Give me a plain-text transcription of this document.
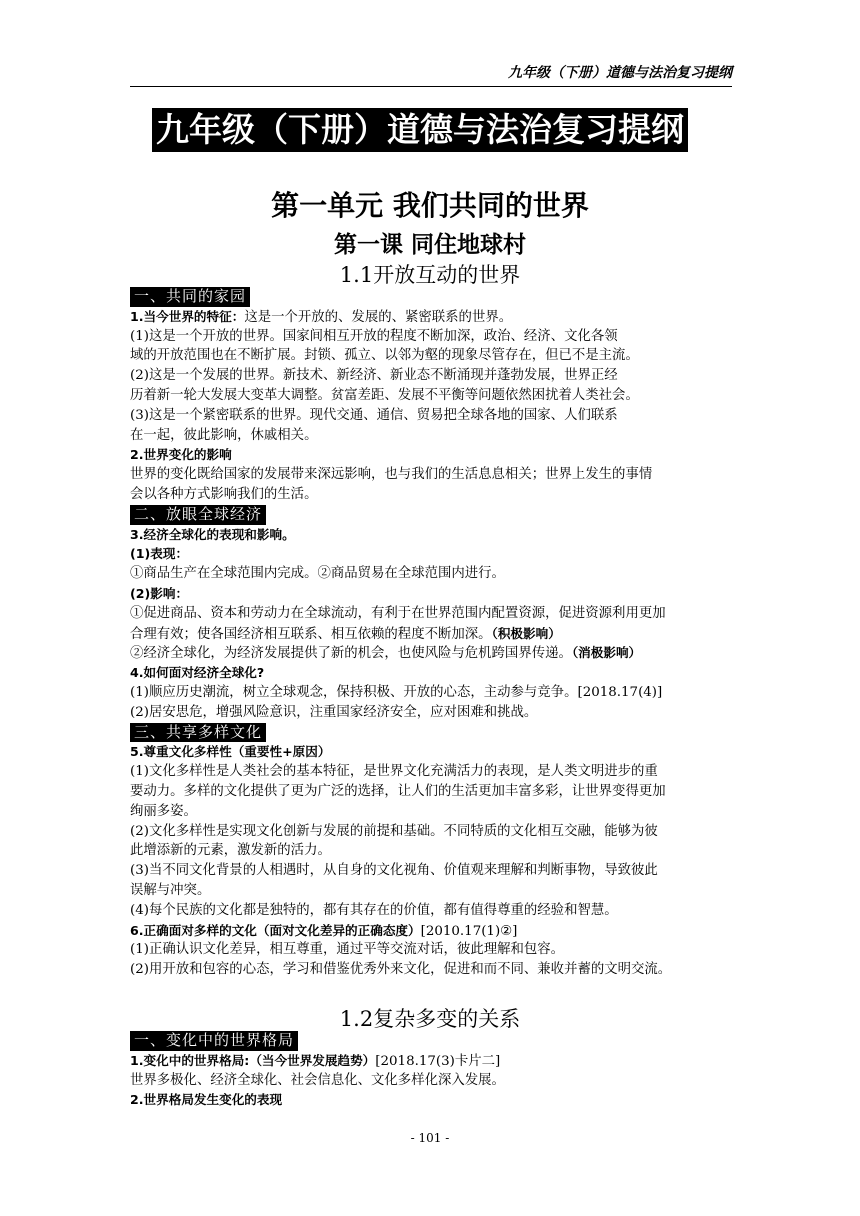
九年级（下册）道德与法治复习提纲
九年级（下册）道德与法治复习提纲
第一单元 我们共同的世界
第一课 同住地球村
1.1开放互动的世界
一、共同的家园
1.当今世界的特征：这是一个开放的、发展的、紧密联系的世界。
(1)这是一个开放的世界。国家间相互开放的程度不断加深，政治、经济、文化各领
域的开放范围也在不断扩展。封锁、孤立、以邻为壑的现象尽管存在，但已不是主流。
(2)这是一个发展的世界。新技术、新经济、新业态不断涌现并蓬勃发展，世界正经
历着新一轮大发展大变革大调整。贫富差距、发展不平衡等问题依然困扰着人类社会。
(3)这是一个紧密联系的世界。现代交通、通信、贸易把全球各地的国家、人们联系
在一起，彼此影响，休戚相关。
2.世界变化的影响
世界的变化既给国家的发展带来深远影响，也与我们的生活息息相关；世界上发生的事情
会以各种方式影响我们的生活。
二、放眼全球经济
3.经济全球化的表现和影响。
(1)表现：
①商品生产在全球范围内完成。②商品贸易在全球范围内进行。
(2)影响：
①促进商品、资本和劳动力在全球流动，有利于在世界范围内配置资源，促进资源利用更加
合理有效；使各国经济相互联系、相互依赖的程度不断加深。（积极影响）
②经济全球化，为经济发展提供了新的机会，也使风险与危机跨国界传递。（消极影响）
4.如何面对经济全球化?
(1)顺应历史潮流，树立全球观念，保持积极、开放的心态，主动参与竞争。[2018.17(4)]
(2)居安思危，增强风险意识，注重国家经济安全，应对困难和挑战。
三、共享多样文化
5.尊重文化多样性（重要性+原因）
(1)文化多样性是人类社会的基本特征，是世界文化充满活力的表现，是人类文明进步的重
要动力。多样的文化提供了更为广泛的选择，让人们的生活更加丰富多彩，让世界变得更加
绚丽多姿。
(2)文化多样性是实现文化创新与发展的前提和基础。不同特质的文化相互交融，能够为彼
此增添新的元素，激发新的活力。
(3)当不同文化背景的人相遇时，从自身的文化视角、价值观来理解和判断事物，导致彼此
误解与冲突。
(4)每个民族的文化都是独特的，都有其存在的价值，都有值得尊重的经验和智慧。
6.正确面对多样的文化（面对文化差异的正确态度）[2010.17(1)②]
(1)正确认识文化差异，相互尊重，通过平等交流对话，彼此理解和包容。
(2)用开放和包容的心态，学习和借鉴优秀外来文化，促进和而不同、兼收并蓄的文明交流。
1.2复杂多变的关系
一、变化中的世界格局
1.变化中的世界格局:（当今世界发展趋势）[2018.17(3)卡片二]
世界多极化、经济全球化、社会信息化、文化多样化深入发展。
2.世界格局发生变化的表现
- 101 -
